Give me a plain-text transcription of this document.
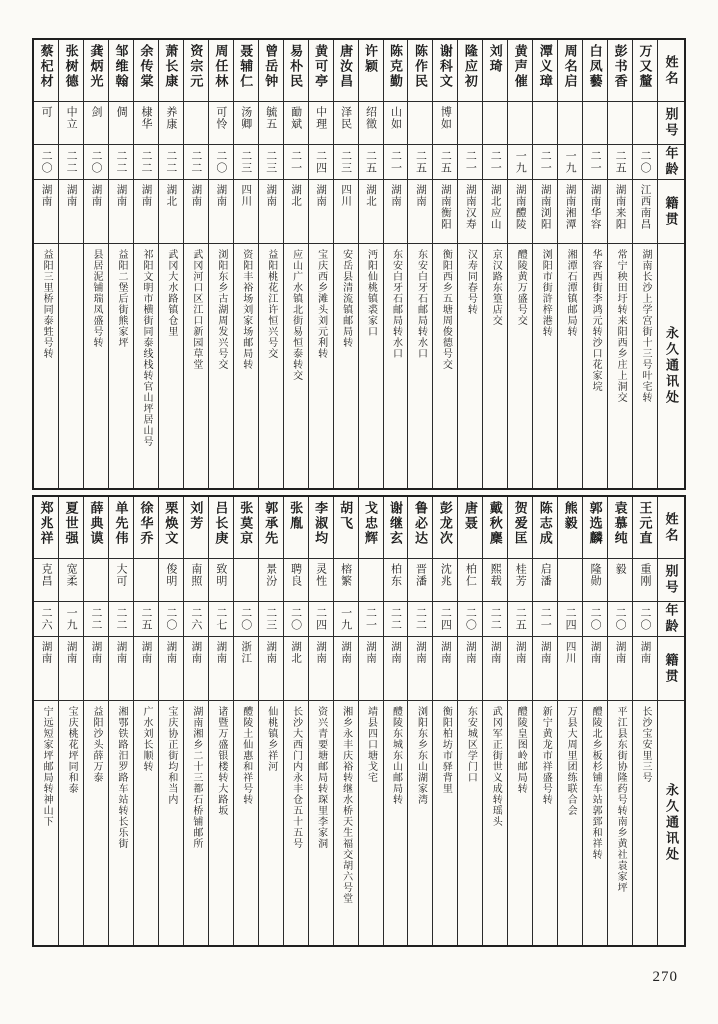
姓名
别号
年龄
籍贯
永久通讯处
万又釐
二〇
江西南昌
湖南长沙上学宫街十三号叶宅转
彭书香
二五
湖南来阳
常宁秧田圩转来阳西乡庄上洞交
白凤藝
二一
湖南华容
华容西街李鸿元转沙口花家垸
周名启
一九
湖南湘潭
湘潭石潭镇邮局转
潭义璋
二一
湖南浏阳
浏阳市街浒梓港转
黄声催
一九
湖南醴陵
醴陵黄万盛号交
刘琦
二一
湖北应山
京汉路东篁店交
隆应初
二一
湖南汉寿
汉寿同春号转
谢科文
博如
二五
湖南衡阳
衡阳西乡五塘周俊德号交
陈作民
二五
湖南
东安白牙石邮局转水口
陈克勤
山如
二一
湖南
东安白牙石邮局转水口
许颖
绍徵
二五
湖北
沔阳仙桃镇裘家口
唐汝昌
泽民
二三
四川
安岳县清流镇邮局转
黄可亭
中理
二四
湖南
宝庆西乡滩头刘元利转
易朴民
勔斌
二一
湖北
应山广水镇北街易恒泰转交
曾岳钟
毓五
二三
湖南
益阳桃花江许恒兴号交
聂辅仁
汤卿
二三
四川
资阳丰裕场刘家场邮局转
周任林
可怜
二〇
湖南
浏阳东乡古湖周发兴号交
资宗元
二二
湖南
武冈河口区江口新园草堂
萧长康
养康
二二
湖北
武冈大水路镇仓里
余传棠
棣华
二二
湖南
祁阳文明市横街同泰线栈转官山坪居山号
邹维翰
倜
二二
湖南
益阳二堡后街熊家坪
龚炳光
剑
二〇
湖南
县居泥铺瑞凤盛号转
张树德
中立
二二
湖南
蔡杞材
可
二〇
湖南
益阳三里桥同泰甡号转
姓名
别号
年龄
籍贯
永久通讯处
王元直
重刚
二〇
湖南
长沙宝安里三号
袁慕纯
毅
二〇
湖南
平江县东街协隆药号转南乡黄社袁家坪
郭选麟
隆勋
二〇
湖南
醴陵北乡板杉铺车站郭郅和祥转
熊毅
二四
四川
万县大周里团练联合会
陈志成
启潘
二一
湖南
新宁黄龙市祥盛号转
贺爱匡
桂芳
二五
湖南
醴陵皇图岭邮局转
戴秋麇
熙载
二二
湖南
武冈军正街世义成转瑶头
唐聂
柏仁
二〇
湖南
东安城区学门口
彭龙次
沈兆
二四
湖南
衡阳柏坊市驿背里
鲁必达
晋潘
二二
湖南
浏阳东乡东山湖家湾
谢继玄
柏东
二二
湖南
醴陵东城东山邮局转
戈忠辉
二一
湖南
靖县四口塘戈宅
胡飞
榕繁
一九
湖南
湘乡永丰庆裕转继水桥天生福交胡六号堂
李淑均
灵性
二四
湖南
资兴青要塘邮局转琛里李家洞
张胤
聘良
二〇
湖北
长沙大西门内永丰仓五十五号
郭承先
景汾
二三
湖南
仙桃镇乡祥河
张莫京
二〇
浙江
醴陵土仙惠和祥号转
吕长庚
致明
二七
湖南
诸暨万盛银楼转大路坂
刘芳
南照
二六
湖南
湖南湘乡二十三都石桥铺邮所
栗焕文
俊明
二〇
湖南
宝庆协正街均和当内
徐华乔
二五
湖南
广水刘长顺转
单先伟
大可
二二
湖南
湘鄂铁路汨罗路车站转长乐街
薛典谟
二二
湖南
益阳沙头薛万泰
夏世强
宽柔
一九
湖南
宝庆桃花坪同和泰
郑兆祥
克昌
二六
湖南
宁远短家坪邮局转神山下
270
